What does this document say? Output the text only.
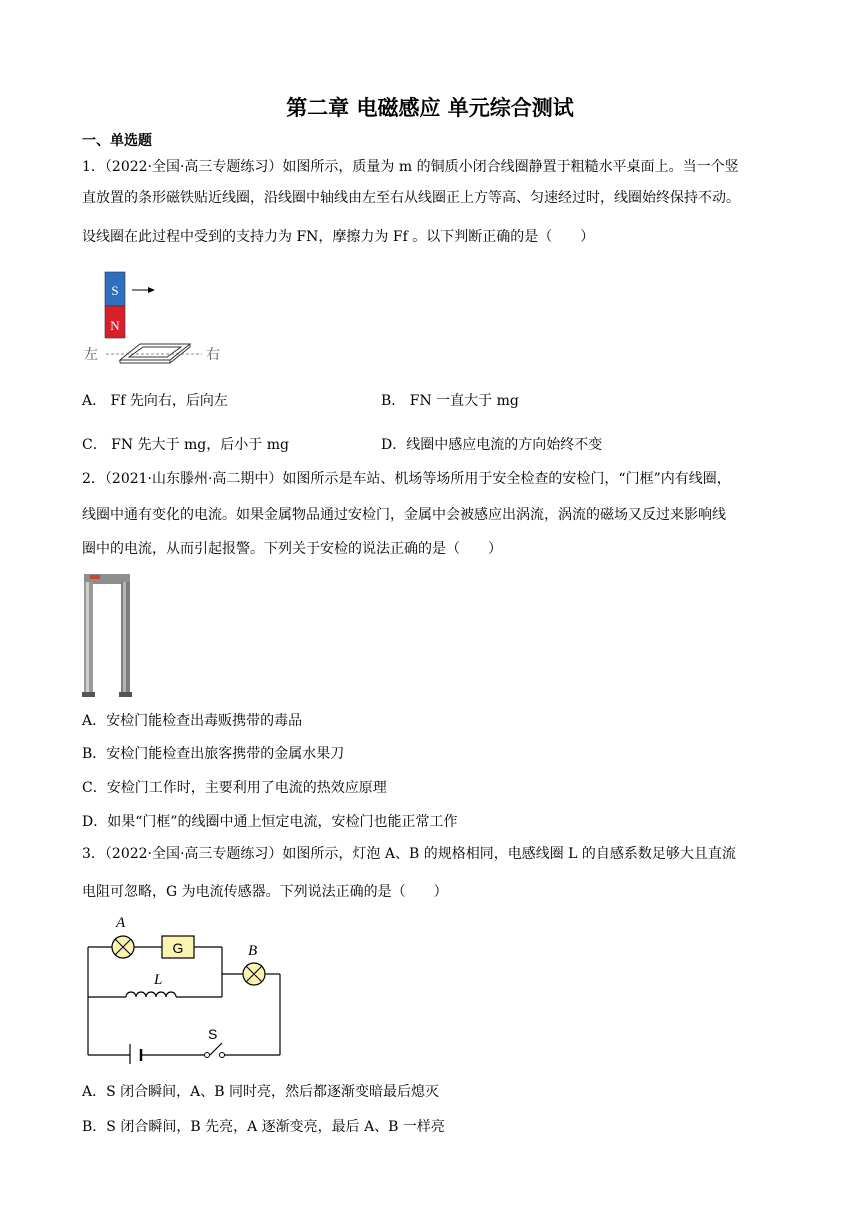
第二章 电磁感应 单元综合测试
一、单选题
1．（2022·全国·高三专题练习）如图所示，质量为 m 的铜质小闭合线圈静置于粗糙水平桌面上。当一个竖
直放置的条形磁铁贴近线圈，沿线圈中轴线由左至右从线圈正上方等高、匀速经过时，线圈始终保持不动。
设线圈在此过程中受到的支持力为 FN，摩擦力为 Ff 。以下判断正确的是（　　）
S
N
左	右
A． Ff 先向右，后向左	B． FN 一直大于 mg
C． FN 先大于 mg，后小于 mg	D．线圈中感应电流的方向始终不变
2．（2021·山东滕州·高二期中）如图所示是车站、机场等场所用于安全检查的安检门，“门框”内有线圈，
线圈中通有变化的电流。如果金属物品通过安检门，金属中会被感应出涡流，涡流的磁场又反过来影响线
圈中的电流，从而引起报警。下列关于安检的说法正确的是（　　）
A．安检门能检查出毒贩携带的毒品
B．安检门能检查出旅客携带的金属水果刀
C．安检门工作时，主要利用了电流的热效应原理
D．如果“门框”的线圈中通上恒定电流，安检门也能正常工作
3．（2022·全国·高三专题练习）如图所示，灯泡 A、B 的规格相同，电感线圈 L 的自感系数足够大且直流
电阻可忽略，G 为电流传感器。下列说法正确的是（　　）
A
G	B
L
S
A．S 闭合瞬间，A、B 同时亮，然后都逐渐变暗最后熄灭
B．S 闭合瞬间，B 先亮，A 逐渐变亮，最后 A、B 一样亮
